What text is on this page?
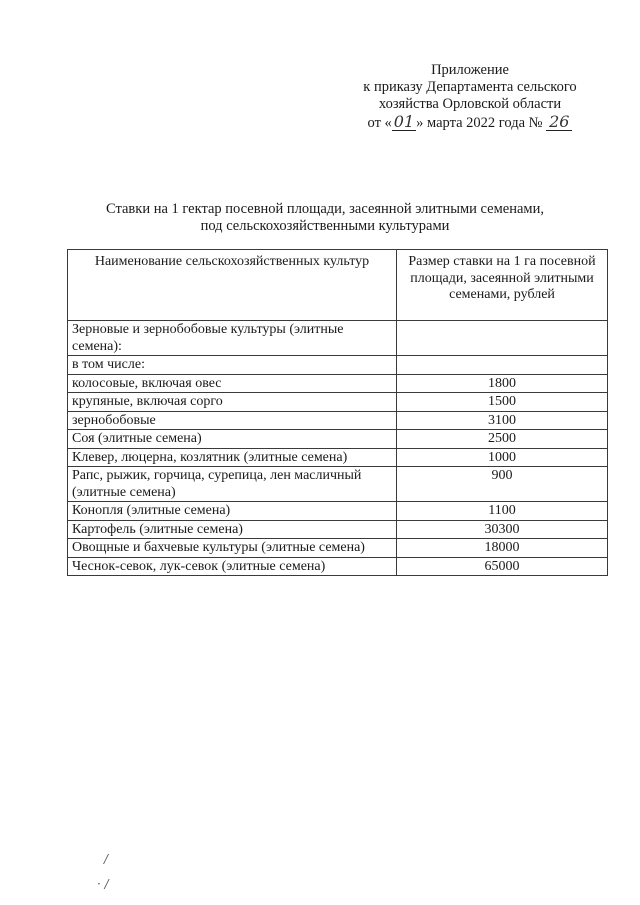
Приложение
к приказу Департамента сельского
хозяйства Орловской области
от « 01 » марта 2022 года № 26
Ставки на 1 гектар посевной площади, засеянной элитными семенами,
под сельскохозяйственными культурами
Наименование сельскохозяйственных культур	Размер ставки на 1 га посевной площади, засеянной элитными семенами, рублей
Зерновые и зернобобовые культуры (элитные семена):	
в том числе:	
колосовые, включая овес	1800
крупяные, включая сорго	1500
зернобобовые	3100
Соя (элитные семена)	2500
Клевер, люцерна, козлятник (элитные семена)	1000
Рапс, рыжик, горчица, сурепица, лен масличный
(элитные семена)	900
Конопля (элитные семена)	1100
Картофель (элитные семена)	30300
Овощные и бахчевые культуры (элитные семена)	18000
Чеснок-севок, лук-севок (элитные семена)	65000
/
· /
